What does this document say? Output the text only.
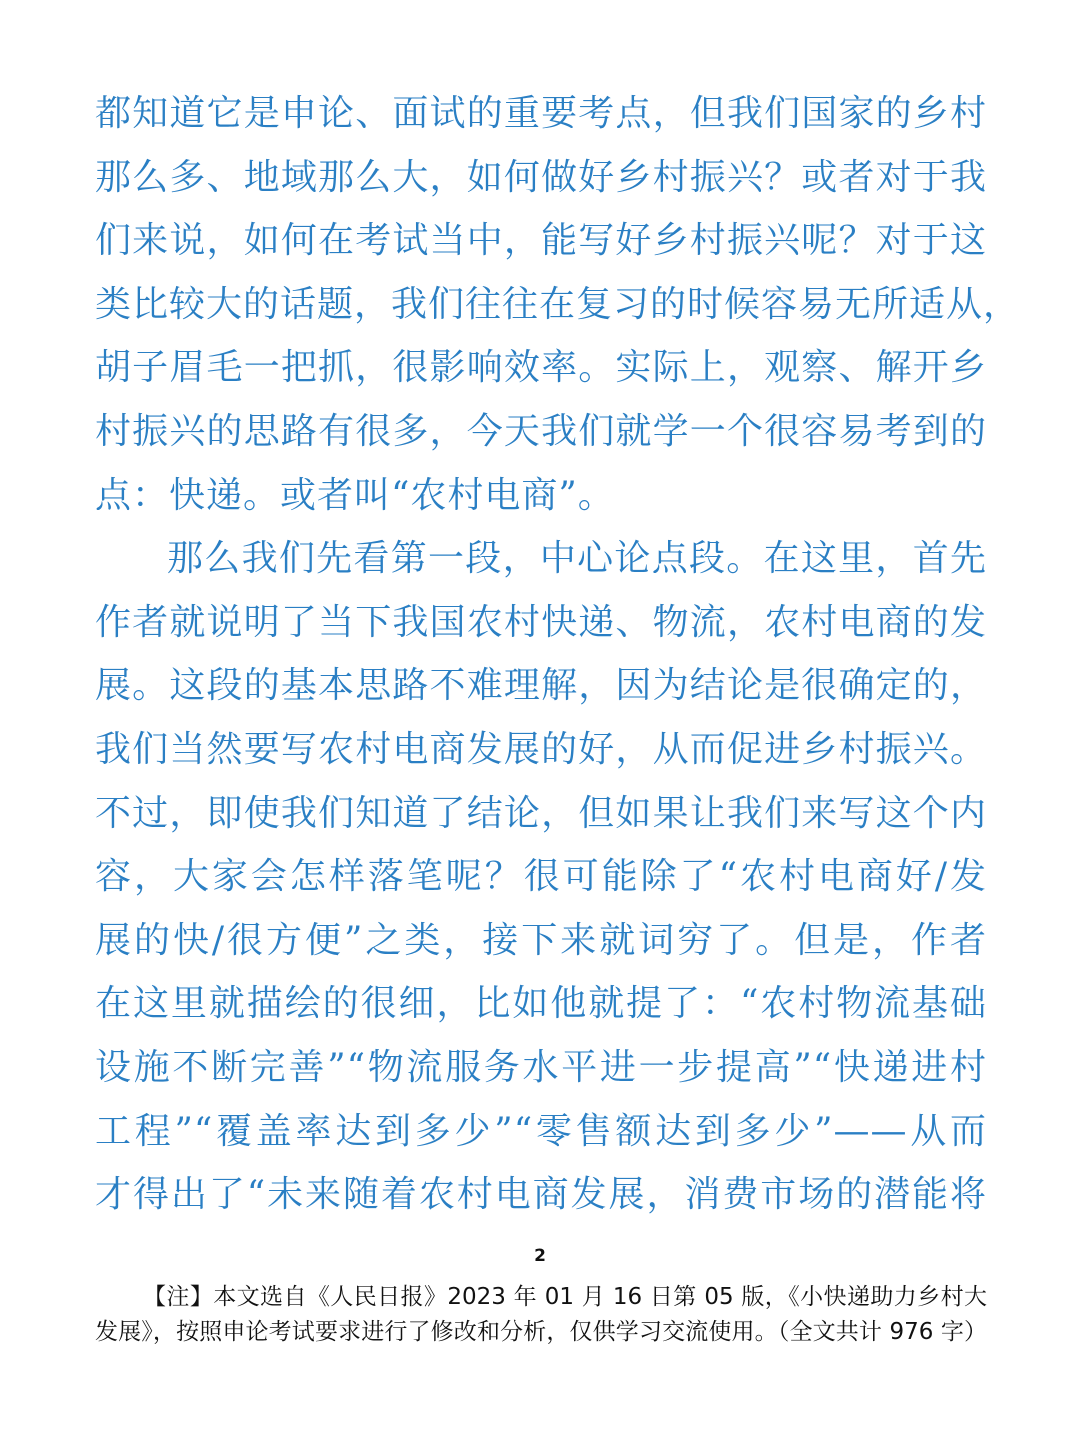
都知道它是申论、面试的重要考点，但我们国家的乡村
那么多、地域那么大，如何做好乡村振兴？或者对于我
们来说，如何在考试当中，能写好乡村振兴呢？对于这
类比较大的话题，我们往往在复习的时候容易无所适从，
胡子眉毛一把抓，很影响效率。实际上，观察、解开乡
村振兴的思路有很多，今天我们就学一个很容易考到的
点：快递。或者叫“农村电商”。
那么我们先看第一段，中心论点段。在这里，首先
作者就说明了当下我国农村快递、物流，农村电商的发
展。这段的基本思路不难理解，因为结论是很确定的，
我们当然要写农村电商发展的好，从而促进乡村振兴。
不过，即使我们知道了结论，但如果让我们来写这个内
容，大家会怎样落笔呢？很可能除了“农村电商好/发
展的快/很方便”之类，接下来就词穷了。但是，作者
在这里就描绘的很细，比如他就提了：“农村物流基础
设施不断完善”“物流服务水平进一步提高”“快递进村
工程”“覆盖率达到多少”“零售额达到多少”——从而
才得出了“未来随着农村电商发展，消费市场的潜能将
2
【注】本文选自《人民日报》2023 年 01 月 16 日第 05 版，《小快递助力乡村大
发展》，按照申论考试要求进行了修改和分析，仅供学习交流使用。（全文共计 976 字）
